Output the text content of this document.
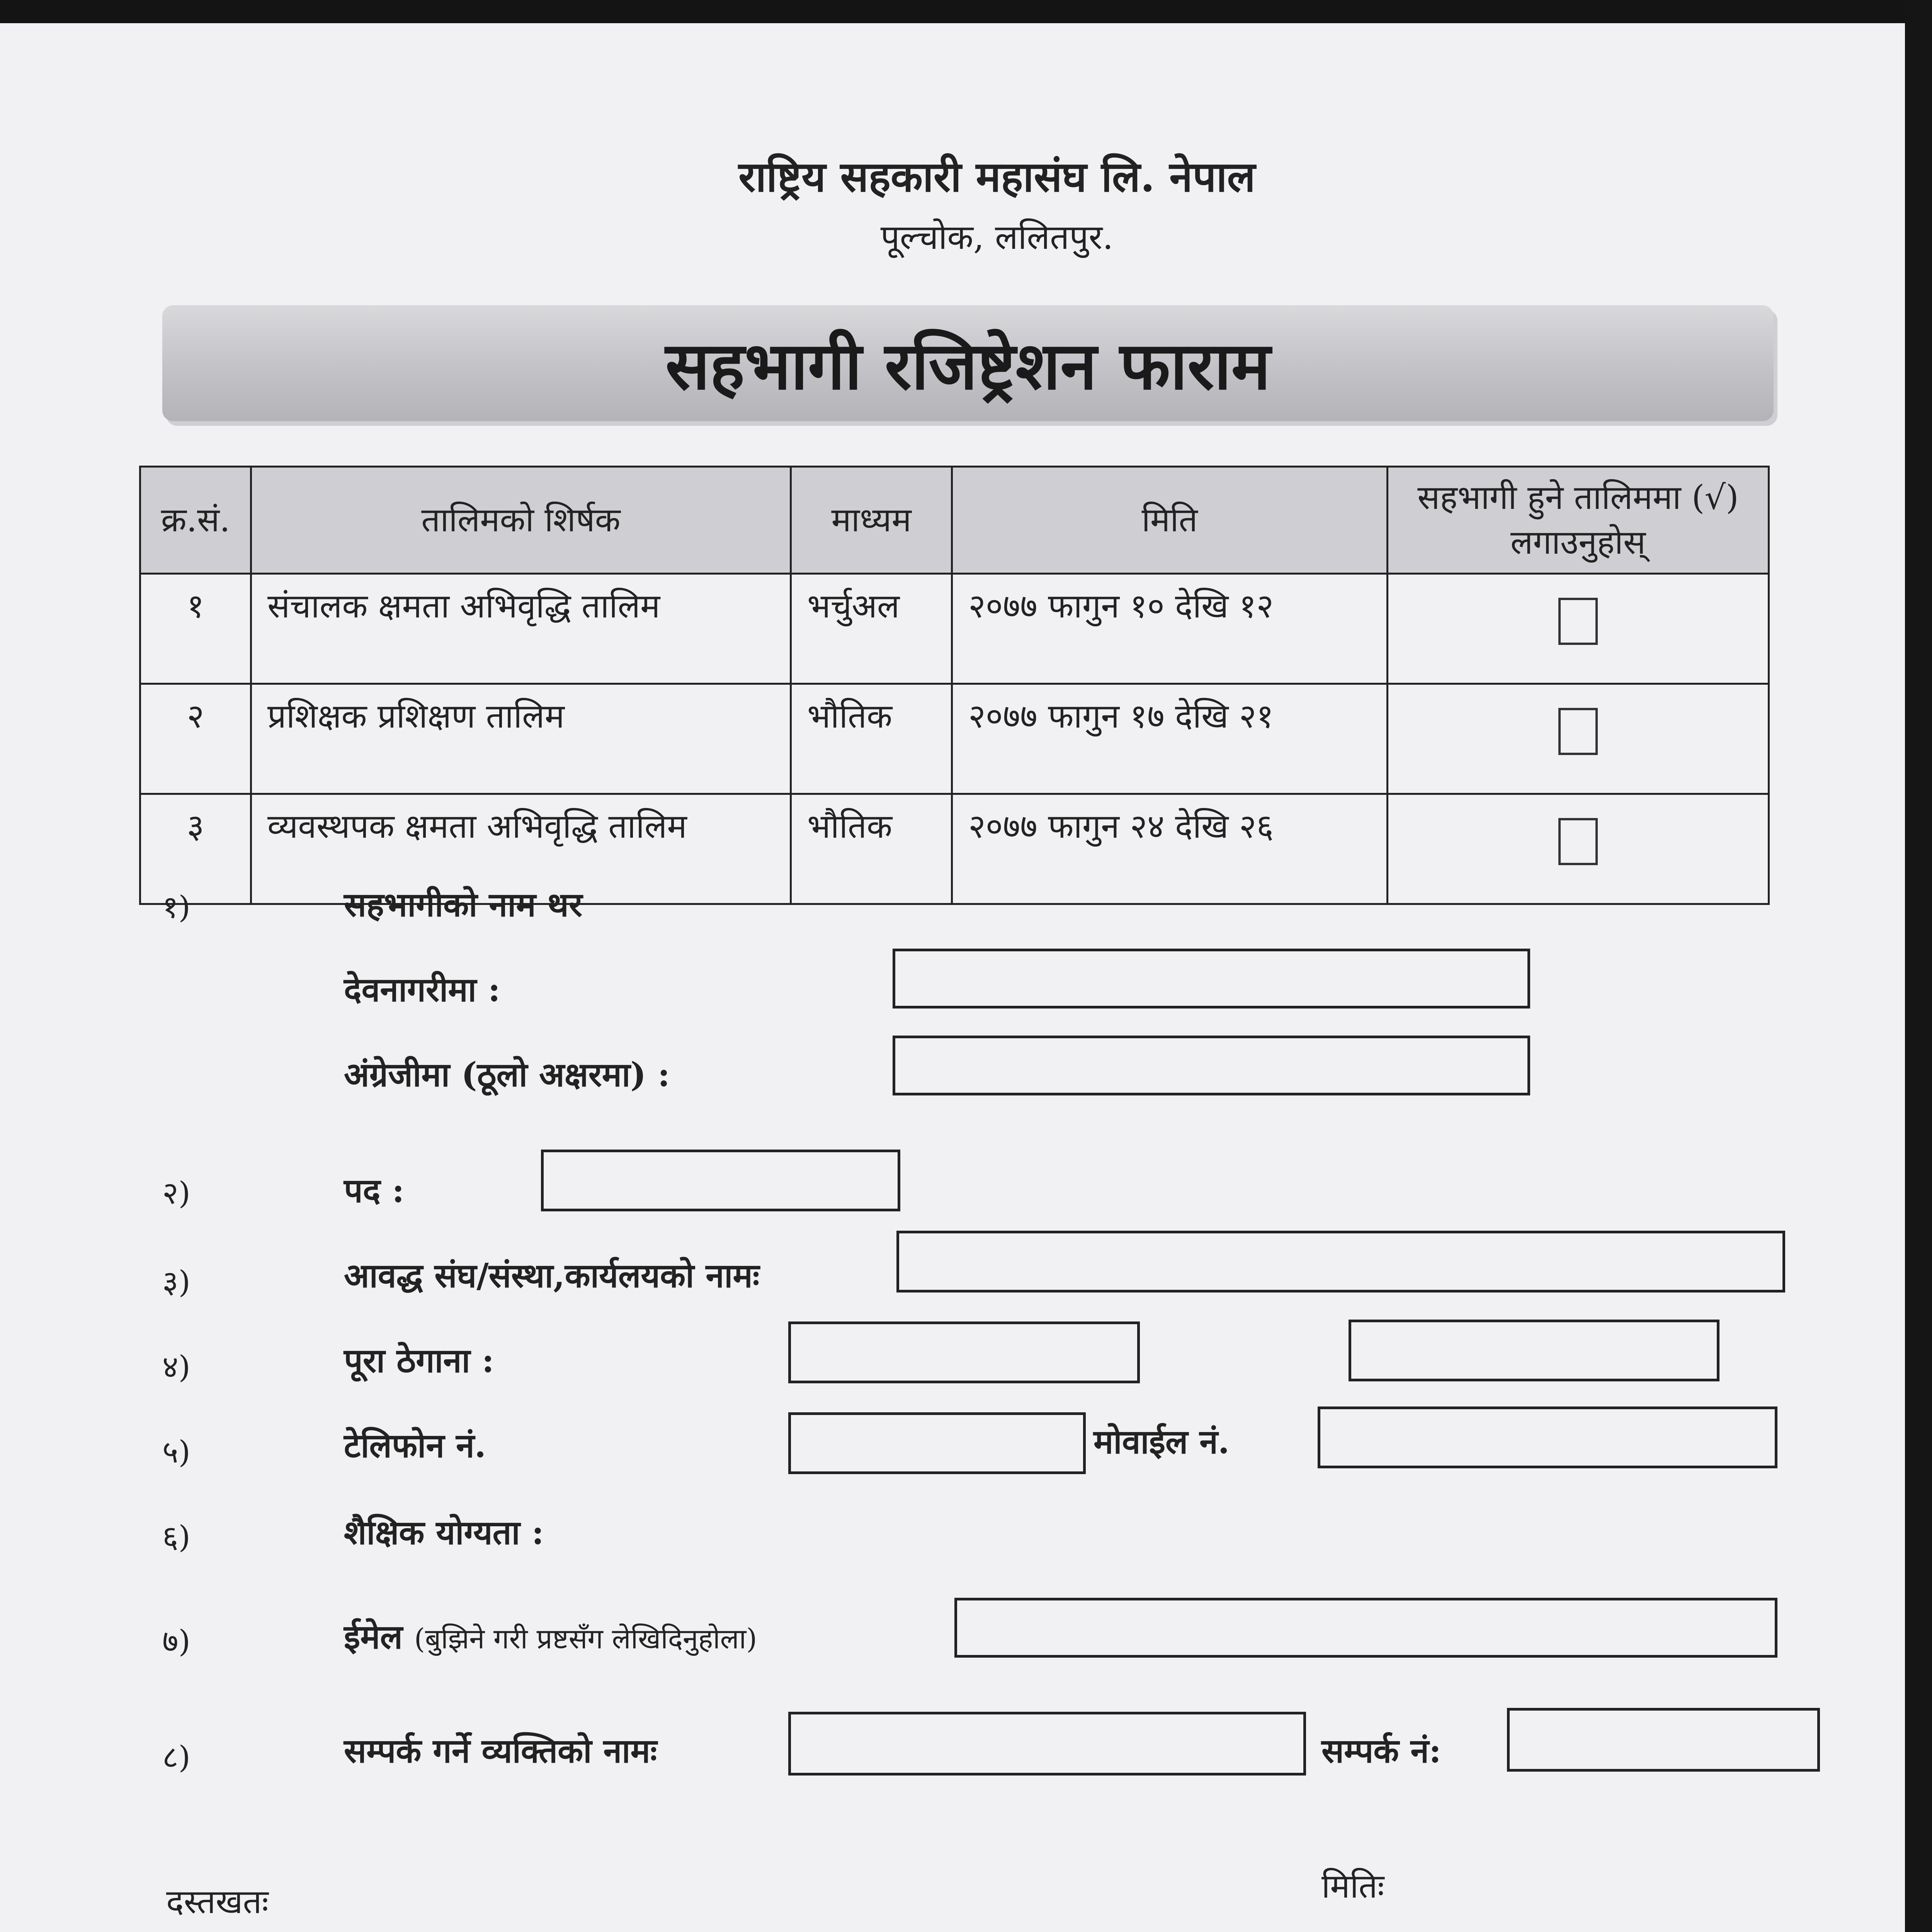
राष्ट्रिय सहकारी महासंघ लि. नेपाल
पूल्चोक, ललितपुर.
सहभागी रजिष्ट्रेशन फाराम
क्र.सं.	तालिमको शिर्षक	माध्यम	मिति	सहभागी हुने तालिममा (√) लगाउनुहोस्
१	संचालक क्षमता अभिवृद्धि तालिम	भर्चुअल	२०७७ फागुन १० देखि १२	
२	प्रशिक्षक प्रशिक्षण तालिम	भौतिक	२०७७ फागुन १७ देखि २१	
३	व्यवस्थपक क्षमता अभिवृद्धि तालिम	भौतिक	२०७७ फागुन २४ देखि २६	
१)	सहभागीको नाम थर
देवनागरीमा :
अंग्रेजीमा (ठूलो अक्षरमा) :
२)	पद :
३)	आवद्ध संघ/संस्था,कार्यलयको नामः
४)	पूरा ठेगाना :
५)	टेलिफोन नं.	मोवाईल नं.
६)	शैक्षिक योग्यता :
७)	ईमेल (बुझिने गरी प्रष्टसँग लेखिदिनुहोला)
८)	सम्पर्क गर्ने व्यक्तिको नामः	सम्पर्क नं:
दस्तखतः	मितिः
